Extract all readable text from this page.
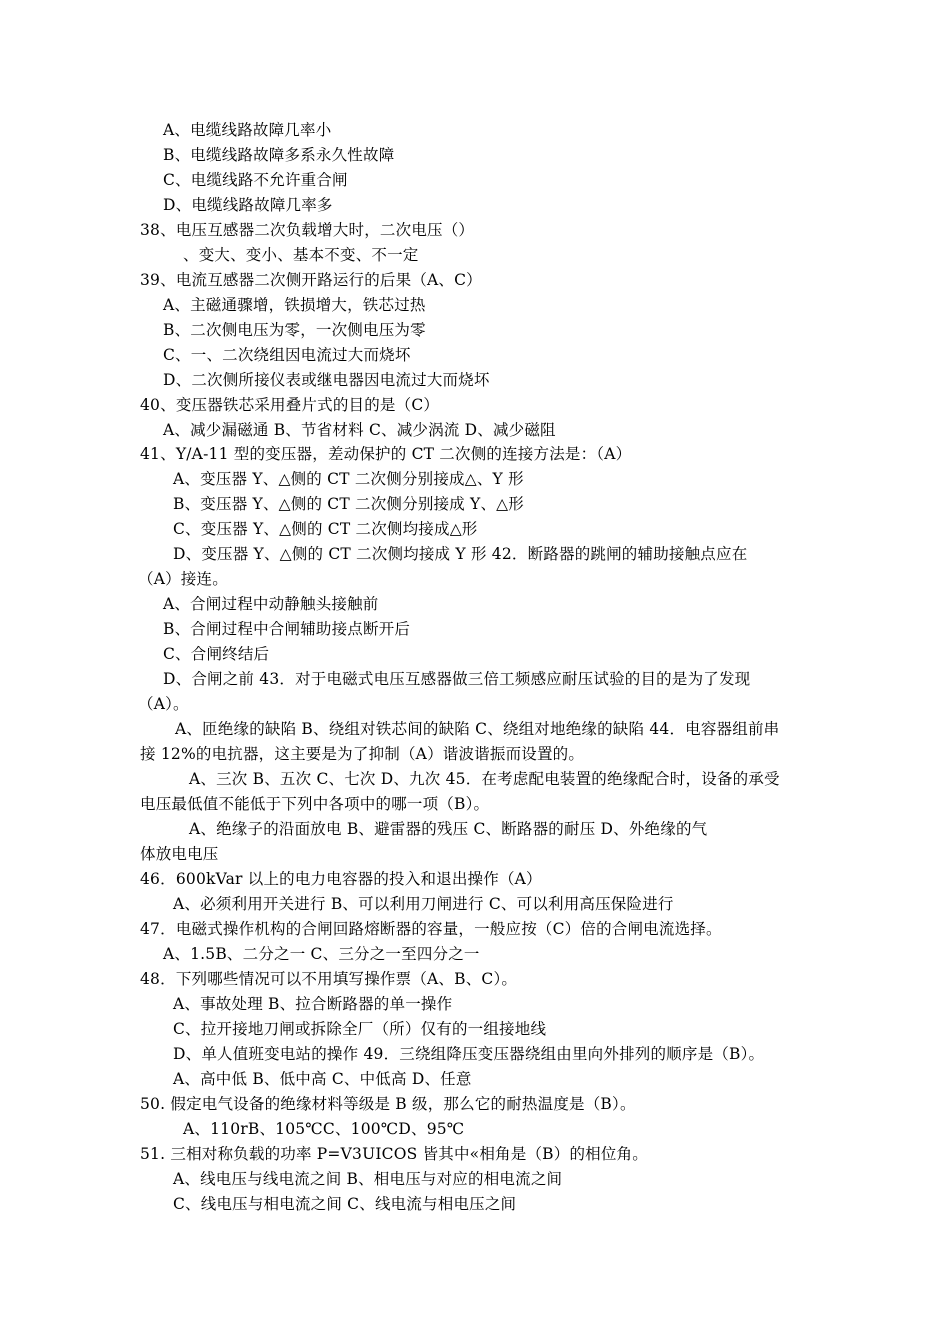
A、电缆线路故障几率小
B、电缆线路故障多系永久性故障
C、电缆线路不允许重合闸
D、电缆线路故障几率多
38、电压互感器二次负载增大时，二次电压（）
、变大、变小、基本不变、不一定
39、电流互感器二次侧开路运行的后果（A、C）
A、主磁通骤增，铁损增大，铁芯过热
B、二次侧电压为零，一次侧电压为零
C、一、二次绕组因电流过大而烧坏
D、二次侧所接仪表或继电器因电流过大而烧坏
40、变压器铁芯采用叠片式的目的是（C）
A、减少漏磁通 B、节省材料 C、减少涡流 D、减少磁阻
41、Y/A-11 型的变压器，差动保护的 CT 二次侧的连接方法是：（A）
A、变压器 Y、△侧的 CT 二次侧分别接成△、Y 形
B、变压器 Y、△侧的 CT 二次侧分别接成 Y、△形
C、变压器 Y、△侧的 CT 二次侧均接成△形
D、变压器 Y、△侧的 CT 二次侧均接成 Y 形 42．断路器的跳闸的辅助接触点应在
（A）接连。
A、合闸过程中动静触头接触前
B、合闸过程中合闸辅助接点断开后
C、合闸终结后
D、合闸之前 43．对于电磁式电压互感器做三倍工频感应耐压试验的目的是为了发现
（A）。
A、匝绝缘的缺陷 B、绕组对铁芯间的缺陷 C、绕组对地绝缘的缺陷 44．电容器组前串
接 12%的电抗器，这主要是为了抑制（A）谐波谐振而设置的。
A、三次 B、五次 C、七次 D、九次 45．在考虑配电装置的绝缘配合时，设备的承受
电压最低值不能低于下列中各项中的哪一项（B）。
A、绝缘子的沿面放电 B、避雷器的残压 C、断路器的耐压 D、外绝缘的气
体放电电压
46．600kVar 以上的电力电容器的投入和退出操作（A）
A、必须利用开关进行 B、可以利用刀闸进行 C、可以利用高压保险进行
47．电磁式操作机构的合闸回路熔断器的容量，一般应按（C）倍的合闸电流选择。
A、1.5B、二分之一 C、三分之一至四分之一
48．下列哪些情况可以不用填写操作票（A、B、C）。
A、事故处理 B、拉合断路器的单一操作
C、拉开接地刀闸或拆除全厂（所）仅有的一组接地线
D、单人值班变电站的操作 49．三绕组降压变压器绕组由里向外排列的顺序是（B）。
A、高中低 B、低中高 C、中低高 D、任意
50. 假定电气设备的绝缘材料等级是 B 级，那么它的耐热温度是（B）。
A、110rB、105℃C、100℃D、95℃
51. 三相对称负载的功率 P=V3UICOS 皆其中«相角是（B）的相位角。
A、线电压与线电流之间 B、相电压与对应的相电流之间
C、线电压与相电流之间 C、线电流与相电压之间
